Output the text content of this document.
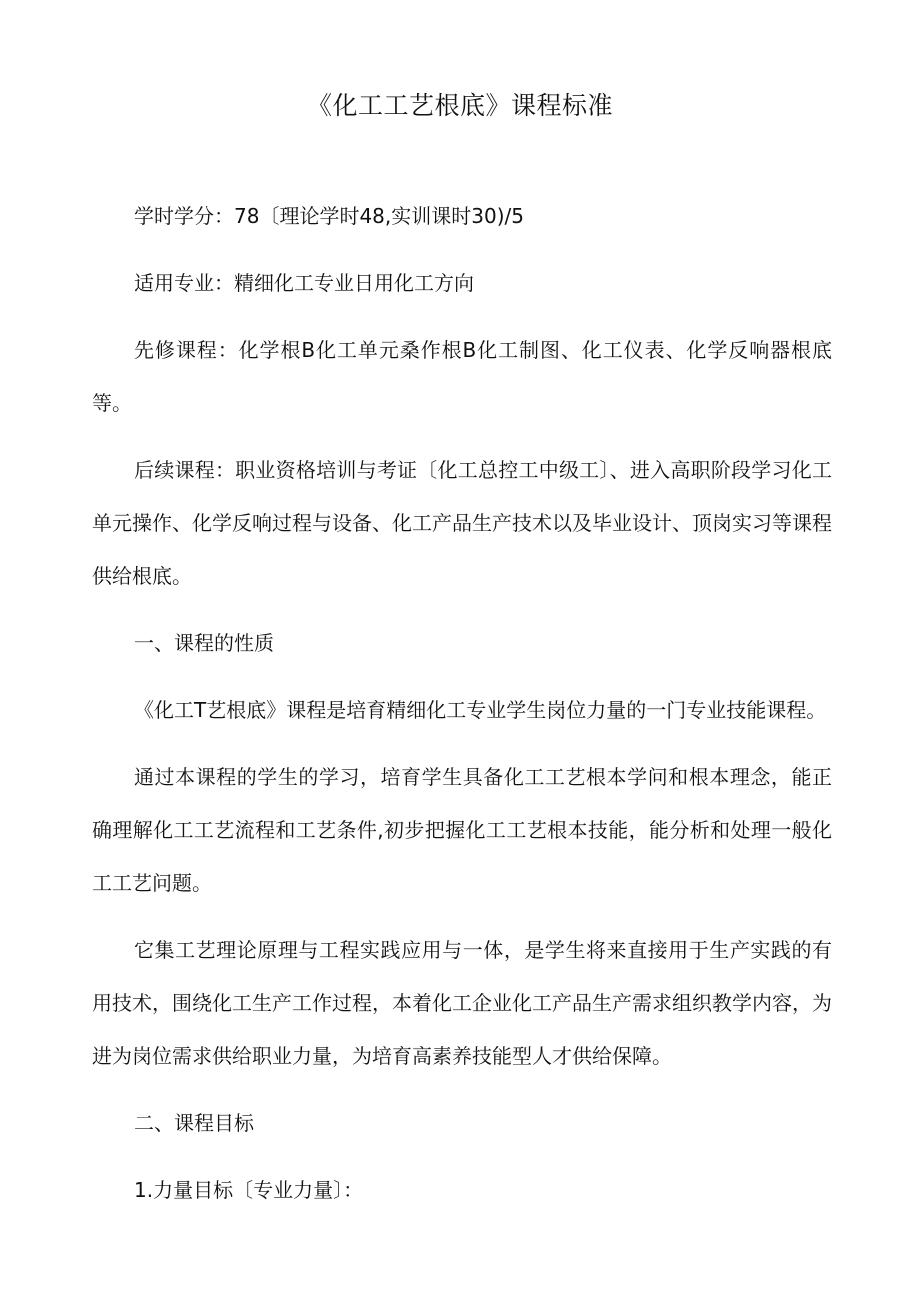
《化工工艺根底》课程标准

学时学分：78〔理论学时48,实训课时30)/5

适用专业：精细化工专业日用化工方向

先修课程：化学根B化工单元桑作根B化工制图、化工仪表、化学反响器根底等。

后续课程：职业资格培训与考证〔化工总控工中级工〕、进入高职阶段学习化工单元操作、化学反响过程与设备、化工产品生产技术以及毕业设计、顶岗实习等课程供给根底。

一、课程的性质

《化工T艺根底》课程是培育精细化工专业学生岗位力量的一门专业技能课程。

通过本课程的学生的学习，培育学生具备化工工艺根本学问和根本理念，能正确理解化工工艺流程和工艺条件,初步把握化工工艺根本技能，能分析和处理一般化工工艺问题。

它集工艺理论原理与工程实践应用与一体，是学生将来直接用于生产实践的有用技术，围绕化工生产工作过程，本着化工企业化工产品生产需求组织教学内容，为进为岗位需求供给职业力量，为培育高素养技能型人才供给保障。

二、课程目标

1.力量目标〔专业力量〕：
